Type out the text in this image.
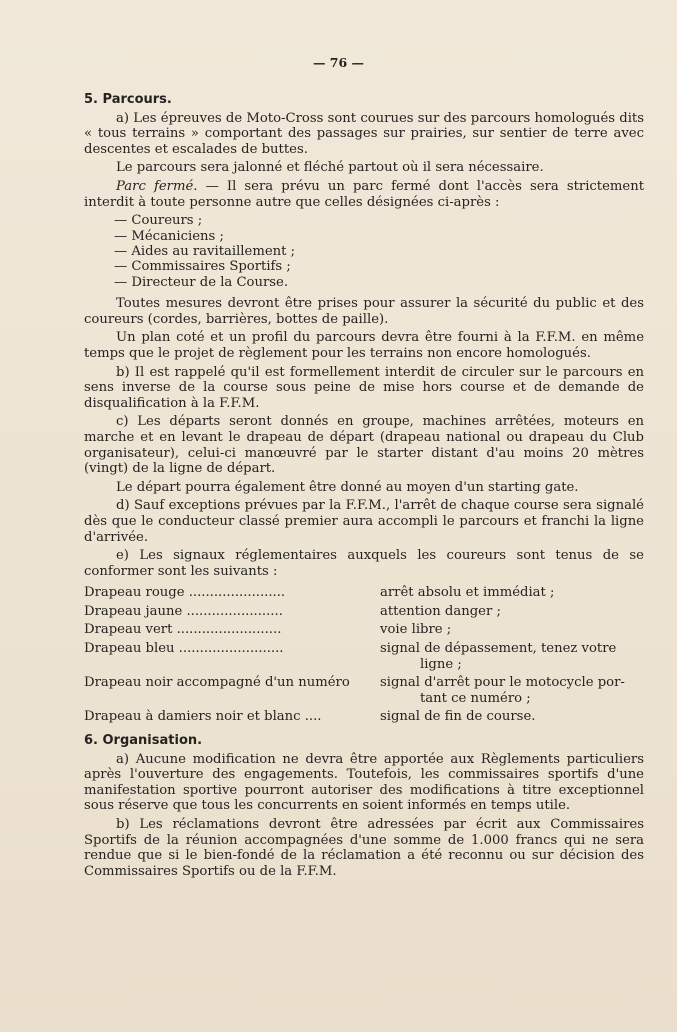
— 76 —
5. Parcours.

a) Les épreuves de Moto-Cross sont courues sur des parcours homologués dits « tous terrains » comportant des passages sur prairies, sur sentier de terre avec descentes et escalades de buttes.

Le parcours sera jalonné et fléché partout où il sera nécessaire.

Parc fermé. — Il sera prévu un parc fermé dont l'accès sera strictement interdit à toute personne autre que celles désignées ci-après :

— Coureurs ;
— Mécaniciens ;
— Aides au ravitaillement ;
— Commissaires Sportifs ;
— Directeur de la Course.

Toutes mesures devront être prises pour assurer la sécurité du public et des coureurs (cordes, barrières, bottes de paille).

Un plan coté et un profil du parcours devra être fourni à la F.F.M. en même temps que le projet de règlement pour les terrains non encore homologués.

b) Il est rappelé qu'il est formellement interdit de circuler sur le parcours en sens inverse de la course sous peine de mise hors course et de demande de disqualification à la F.F.M.

c) Les départs seront donnés en groupe, machines arrêtées, moteurs en marche et en levant le drapeau de départ (drapeau national ou drapeau du Club organisateur), celui-ci manœuvré par le starter distant d'au moins 20 mètres (vingt) de la ligne de départ.

Le départ pourra également être donné au moyen d'un starting gate.

d) Sauf exceptions prévues par la F.F.M., l'arrêt de chaque course sera signalé dès que le conducteur classé premier aura accompli le parcours et franchi la ligne d'arrivée.

e) Les signaux réglementaires auxquels les coureurs sont tenus de se conformer sont les suivants :

Drapeau rouge .......................	arrêt absolu et immédiat ;
Drapeau jaune .......................	attention danger ;
Drapeau vert .........................	voie libre ;
Drapeau bleu .........................	signal de dépassement, tenez votre
ligne ;
Drapeau noir accompagné d'un numéro	signal d'arrêt pour le motocycle por-
tant ce numéro ;
Drapeau à damiers noir et blanc ....	signal de fin de course.
6. Organisation.

a) Aucune modification ne devra être apportée aux Règlements particuliers après l'ouverture des engagements. Toutefois, les commissaires sportifs d'une manifestation sportive pourront autoriser des modifications à titre exceptionnel sous réserve que tous les concurrents en soient informés en temps utile.

b) Les réclamations devront être adressées par écrit aux Commissaires Sportifs de la réunion accompagnées d'une somme de 1.000 francs qui ne sera rendue que si le bien-fondé de la réclamation a été reconnu ou sur décision des Commissaires Sportifs ou de la F.F.M.
